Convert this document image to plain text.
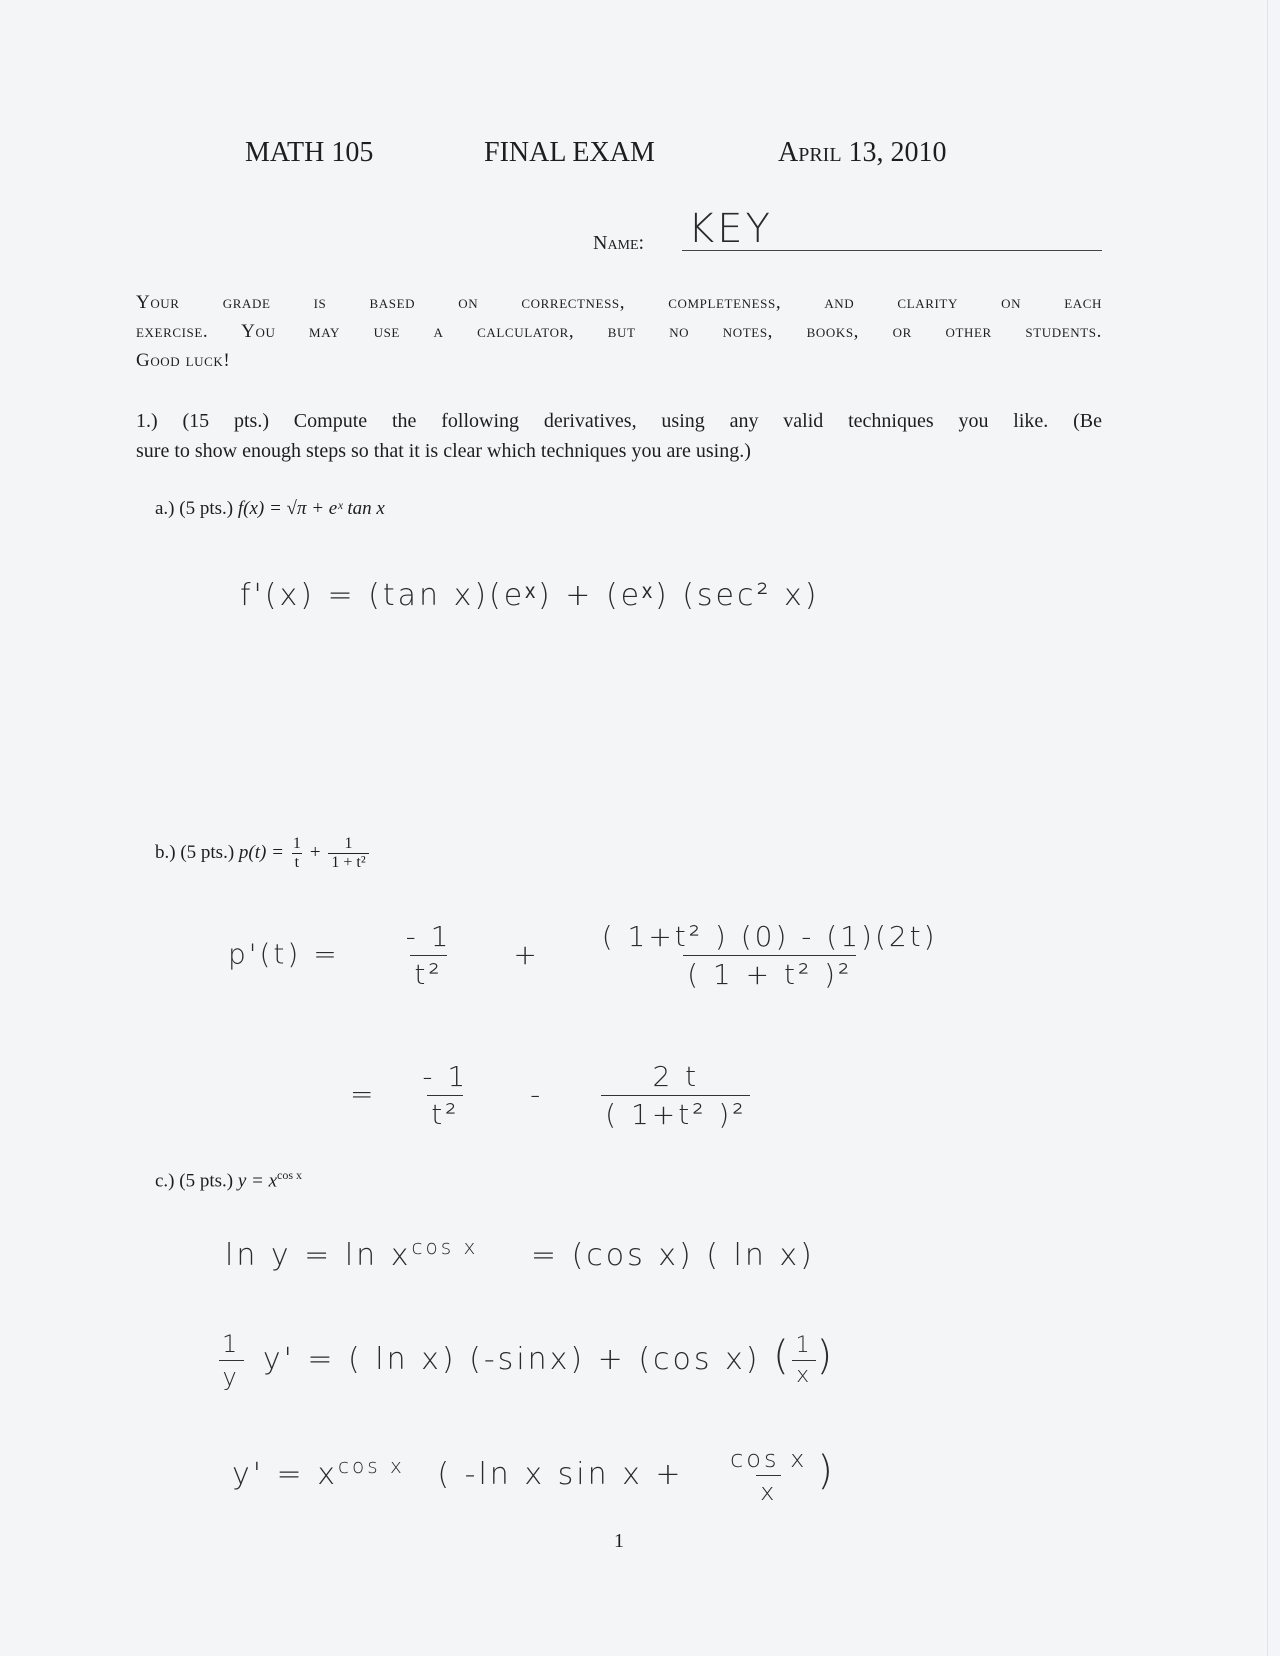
MATH 105	FINAL EXAM	April 13, 2010
Name: KEY
Your grade is based on correctness, completeness, and clarity on each
exercise. You may use a calculator, but no notes, books, or other students.
Good luck!
1.) (15 pts.) Compute the following derivatives, using any valid techniques you like. (Be
sure to show enough steps so that it is clear which techniques you are using.)
a.) (5 pts.) f(x) = √π + eˣ tan x
f'(x) = (tan x)(eˣ) + (eˣ) (sec² x)
b.) (5 pts.) $p(t) = \frac{1}{t} + \frac{1}{\text{1 + t²}}$
$p'(t) = \frac{- 1}{\text{t²}} + \frac{\text{( 1+t² ) (0) - (1)(2t)}}{\text{( 1 + t² )²}}$
= $\frac{- 1}{\text{t²}} - \frac{2 t}{\text{( 1+t² )²}}$
c.) (5 pts.) $y = x^{cos x}$
$\ln y = \ln x^{cos x} = (\cos$ x) ( ln x)
$\frac{1}{y} y'$ = ( ln x) (-sinx) + (cos x) ( $\frac{1}{x}$ )
$y' = x^{cos x}$ ( -ln x $\sin x + \frac{\text{cos x}}{x}$ )
1
